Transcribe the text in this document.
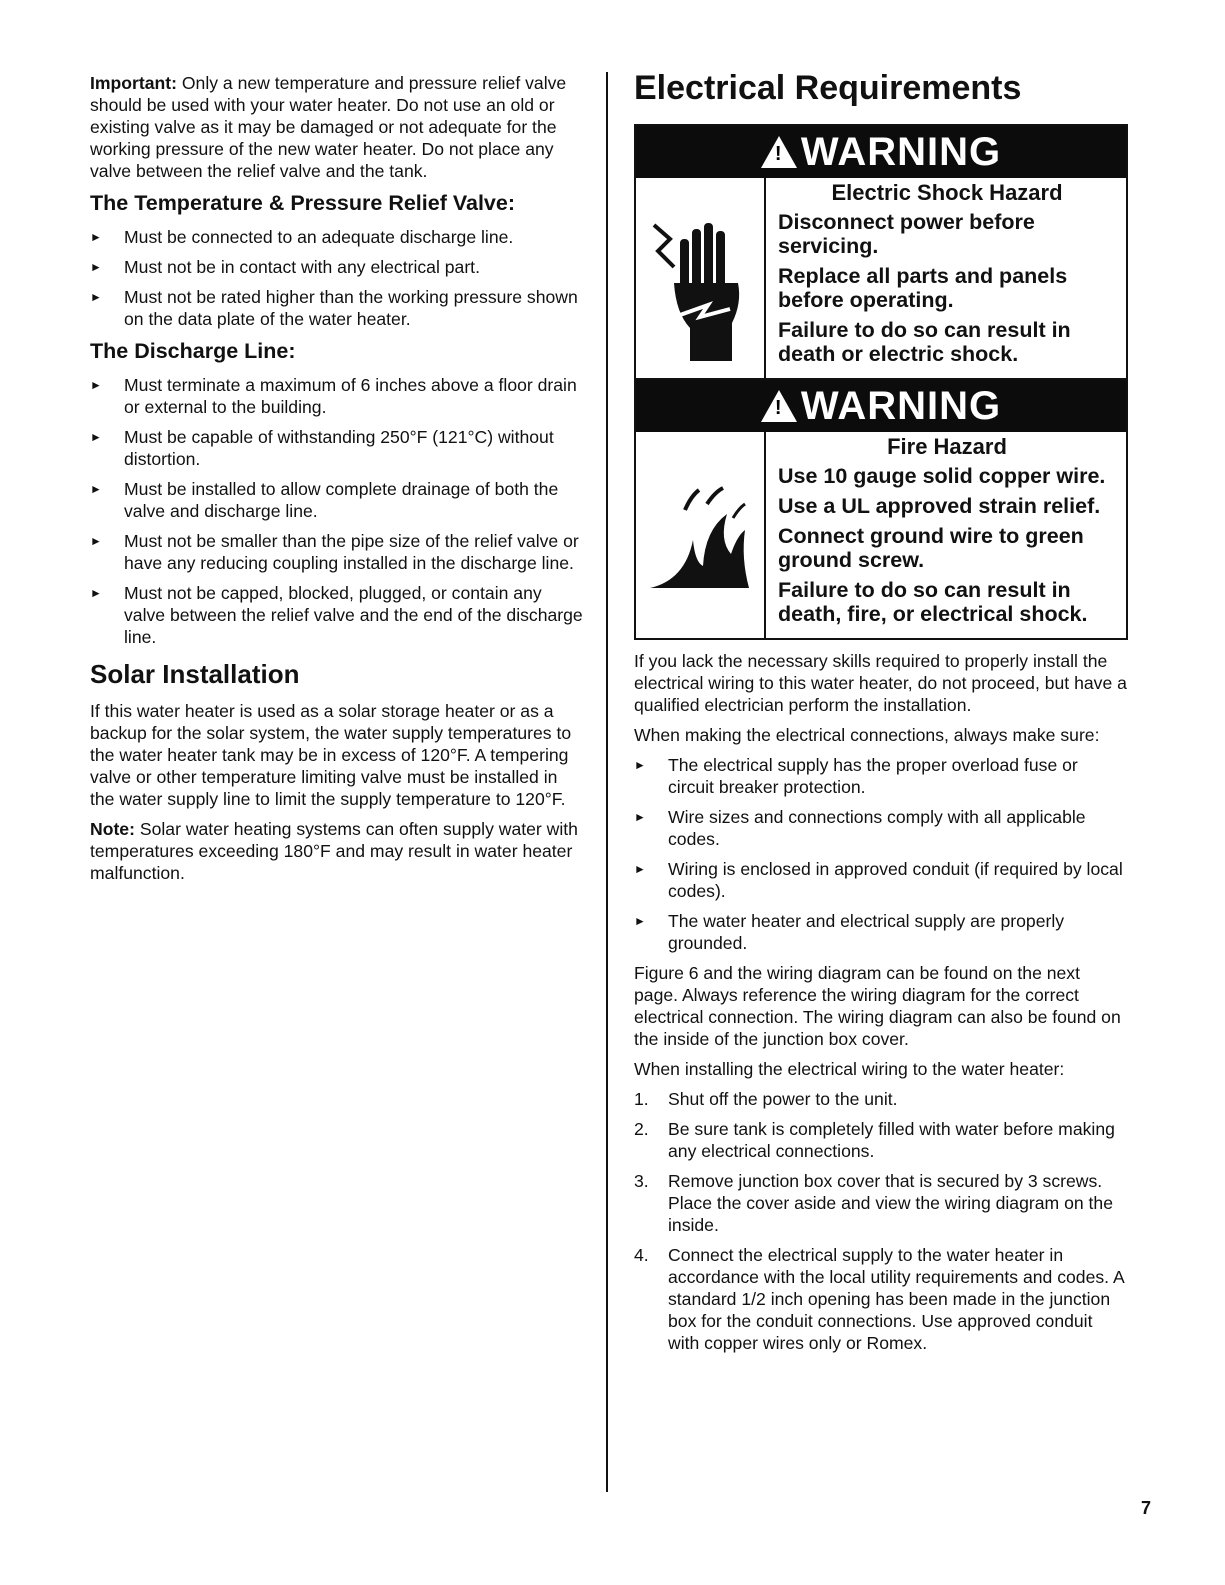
Important: Only a new temperature and pressure relief valve should be used with your water heater. Do not use an old or existing valve as it may be damaged or not adequate for the working pressure of the new water heater. Do not place any valve between the relief valve and the tank.

The Temperature & Pressure Relief Valve:
► Must be connected to an adequate discharge line.
► Must not be in contact with any electrical part.
► Must not be rated higher than the working pressure shown on the data plate of the water heater.
The Discharge Line:
► Must terminate a maximum of 6 inches above a floor drain or external to the building.
► Must be capable of withstanding 250°F (121°C) without distortion.
► Must be installed to allow complete drainage of both the valve and discharge line.
► Must not be smaller than the pipe size of the relief valve or have any reducing coupling installed in the discharge line.
► Must not be capped, blocked, plugged, or contain any valve between the relief valve and the end of the discharge line.
Solar Installation

If this water heater is used as a solar storage heater or as a backup for the solar system, the water supply temperatures to the water heater tank may be in excess of 120°F. A tempering valve or other temperature limiting valve must be installed in the water supply line to limit the supply temperature to 120°F.

Note: Solar water heating systems can often supply water with temperatures exceeding 180°F and may result in water heater malfunction.

Electrical Requirements
! WARNING
Electric Shock Hazard
Disconnect power before servicing.
Replace all parts and panels before operating.
Failure to do so can result in death or electric shock.
! WARNING
Fire Hazard
Use 10 gauge solid copper wire.
Use a UL approved strain relief.
Connect ground wire to green ground screw.
Failure to do so can result in death, fire, or electrical shock.

If you lack the necessary skills required to properly install the electrical wiring to this water heater, do not proceed, but have a qualified electrician perform the installation.

When making the electrical connections, always make sure:

► The electrical supply has the proper overload fuse or circuit breaker protection.
► Wire sizes and connections comply with all applicable codes.
► Wiring is enclosed in approved conduit (if required by local codes).
► The water heater and electrical supply are properly grounded.

Figure 6 and the wiring diagram can be found on the next page. Always reference the wiring diagram for the correct electrical connection. The wiring diagram can also be found on the inside of the junction box cover.

When installing the electrical wiring to the water heater:

1. Shut off the power to the unit.
2. Be sure tank is completely filled with water before making any electrical connections.
3. Remove junction box cover that is secured by 3 screws. Place the cover aside and view the wiring diagram on the inside.
4. Connect the electrical supply to the water heater in accordance with the local utility requirements and codes. A standard 1/2 inch opening has been made in the junction box for the conduit connections. Use approved conduit with copper wires only or Romex.
7
